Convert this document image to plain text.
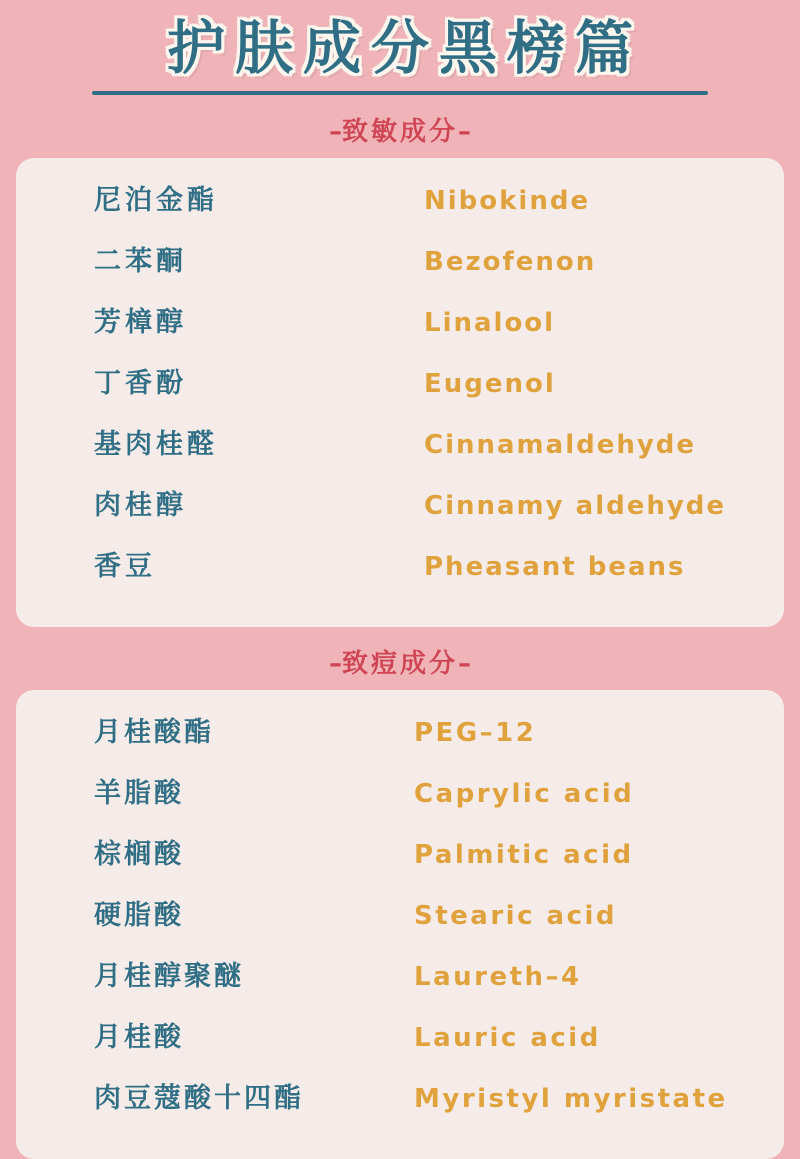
护肤成分黑榜篇
–致敏成分–
尼泊金酯	Nibokinde
二苯酮	Bezofenon
芳樟醇	Linalool
丁香酚	Eugenol
基肉桂醛	Cinnamaldehyde
肉桂醇	Cinnamy aldehyde
香豆	Pheasant beans
–致痘成分–
月桂酸酯	PEG–12
羊脂酸	Caprylic acid
棕榈酸	Palmitic acid
硬脂酸	Stearic acid
月桂醇聚醚	Laureth–4
月桂酸	Lauric acid
肉豆蔻酸十四酯	Myristyl myristate
